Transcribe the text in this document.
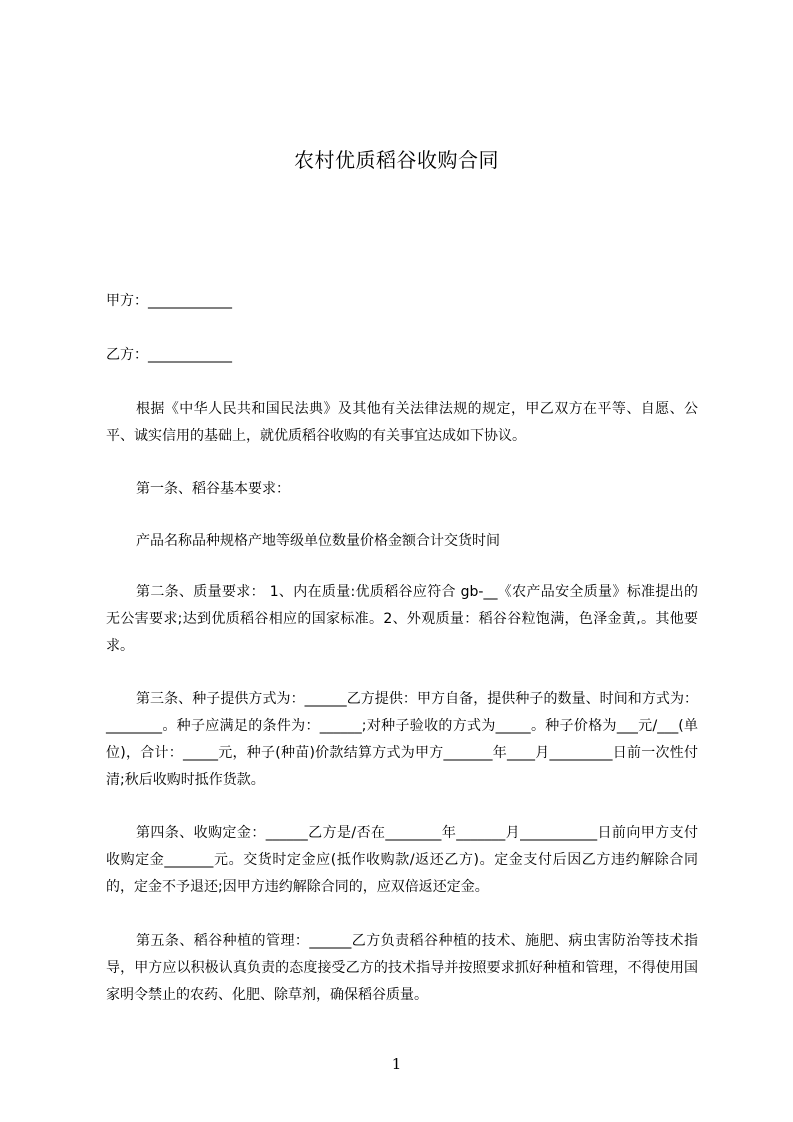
农村优质稻谷收购合同
甲方：____________
乙方：____________
根据《中华人民共和国民法典》及其他有关法律法规的规定，甲乙双方在平等、自愿、公平、诚实信用的基础上，就优质稻谷收购的有关事宜达成如下协议。
第一条、稻谷基本要求：
产品名称品种规格产地等级单位数量价格金额合计交货时间
第二条、质量要求： 1、内在质量:优质稻谷应符合 gb-__《农产品安全质量》标准提出的无公害要求;达到优质稻谷相应的国家标准。2、外观质量：稻谷谷粒饱满，色泽金黄,。其他要求。
第三条、种子提供方式为：______乙方提供：甲方自备，提供种子的数量、时间和方式为：________。种子应满足的条件为：______;对种子验收的方式为_____。种子价格为___元/___(单位)，合计：_____元，种子(种苗)价款结算方式为甲方_______年____月_________日前一次性付清;秋后收购时抵作货款。
第四条、收购定金：______乙方是/否在________年_______月___________日前向甲方支付收购定金_______元。交货时定金应(抵作收购款/返还乙方)。定金支付后因乙方违约解除合同的，定金不予退还;因甲方违约解除合同的，应双倍返还定金。
第五条、稻谷种植的管理：______乙方负责稻谷种植的技术、施肥、病虫害防治等技术指导，甲方应以积极认真负责的态度接受乙方的技术指导并按照要求抓好种植和管理，不得使用国家明令禁止的农药、化肥、除草剂，确保稻谷质量。
1
